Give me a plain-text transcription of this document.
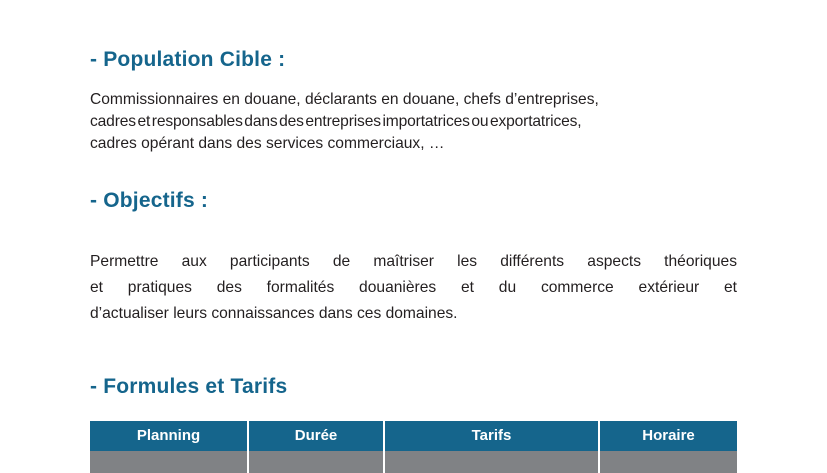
- Population Cible :

Commissionnaires en douane, déclarants en douane, chefs d’entreprises,
cadres et responsables dans des entreprises importatrices ou exportatrices,
cadres opérant dans des services commerciaux, …

- Objectifs :

Permettre aux participants de maîtriser les différents aspects théoriques
et pratiques des formalités douanières et du commerce extérieur et
d’actualiser leurs connaissances dans ces domaines.

- Formules et Tarifs
Planning	Durée	Tarifs	Horaire
